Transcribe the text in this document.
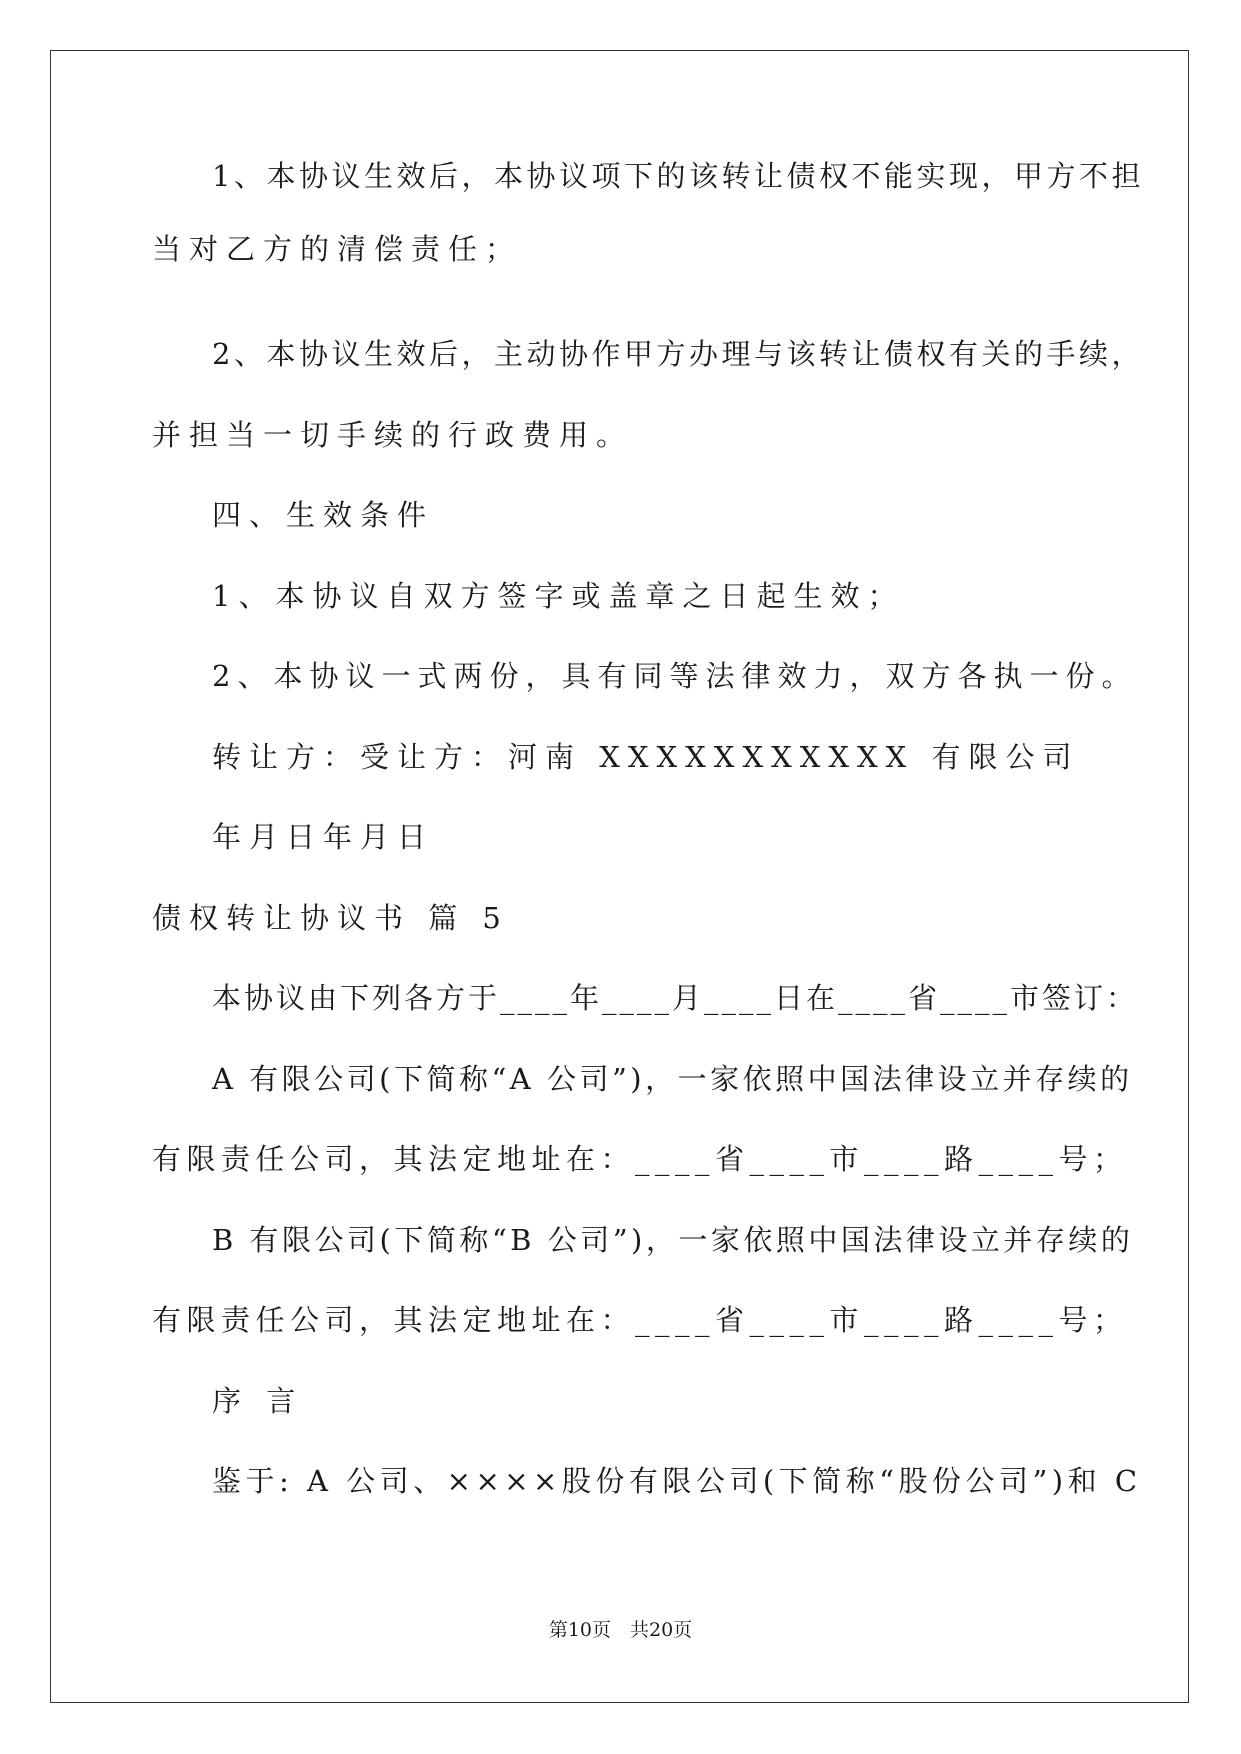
1、本协议生效后，本协议项下的该转让债权不能实现，甲方不担
当对乙方的清偿责任；
2、本协议生效后，主动协作甲方办理与该转让债权有关的手续，
并担当一切手续的行政费用。
四、生效条件
1、本协议自双方签字或盖章之日起生效；
2、本协议一式两份，具有同等法律效力，双方各执一份。
转让方：受让方：河南 XXXXXXXXXXX 有限公司
年月日年月日
债权转让协议书 篇 5
本协议由下列各方于____年____月____日在____省____市签订：
A 有限公司(下简称“A 公司”)，一家依照中国法律设立并存续的
有限责任公司，其法定地址在：____省____市____路____号；
B 有限公司(下简称“B 公司”)，一家依照中国法律设立并存续的
有限责任公司，其法定地址在：____省____市____路____号；
序 言
鉴于: A 公司、××××股份有限公司(下简称“股份公司”)和 C
第10页　共20页
